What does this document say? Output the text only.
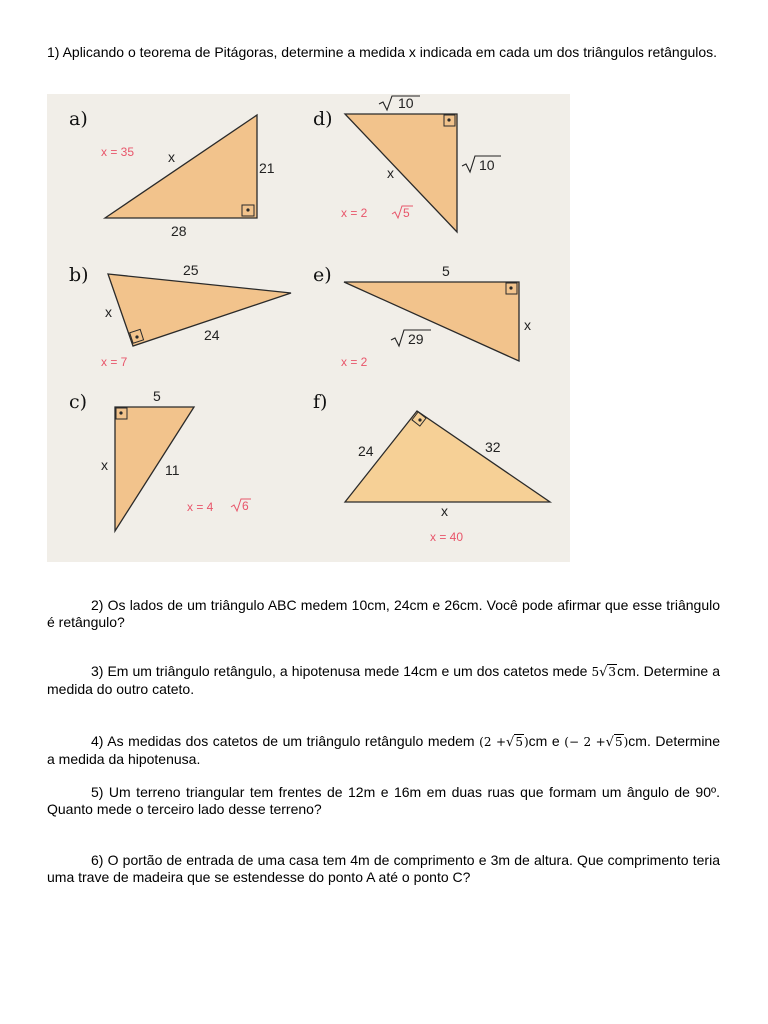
1) Aplicando o teorema de Pitágoras, determine a medida x indicada em cada um dos triângulos retângulos.

a)
21
28
x
x = 35
d)
10
10
x
x = 2	5
b)	25
24
x
x = 7
e)	5
x
29
x = 2
c)	5
x	11
x = 4 6
f)
24	32
x
x = 40

2) Os lados de um triângulo ABC medem 10cm, 24cm e 26cm. Você pode afirmar que esse triângulo é retângulo?

3) Em um triângulo retângulo, a hipotenusa mede 14cm e um dos catetos mede 5√3cm. Determine a medida do outro cateto.

4) As medidas dos catetos de um triângulo retângulo medem (2 +√5)cm e (− 2 +√5)cm. Determine a medida da hipotenusa.

5) Um terreno triangular tem frentes de 12m e 16m em duas ruas que formam um ângulo de 90º. Quanto mede o terceiro lado desse terreno?

6) O portão de entrada de uma casa tem 4m de comprimento e 3m de altura. Que comprimento teria uma trave de madeira que se estendesse do ponto A até o ponto C?
